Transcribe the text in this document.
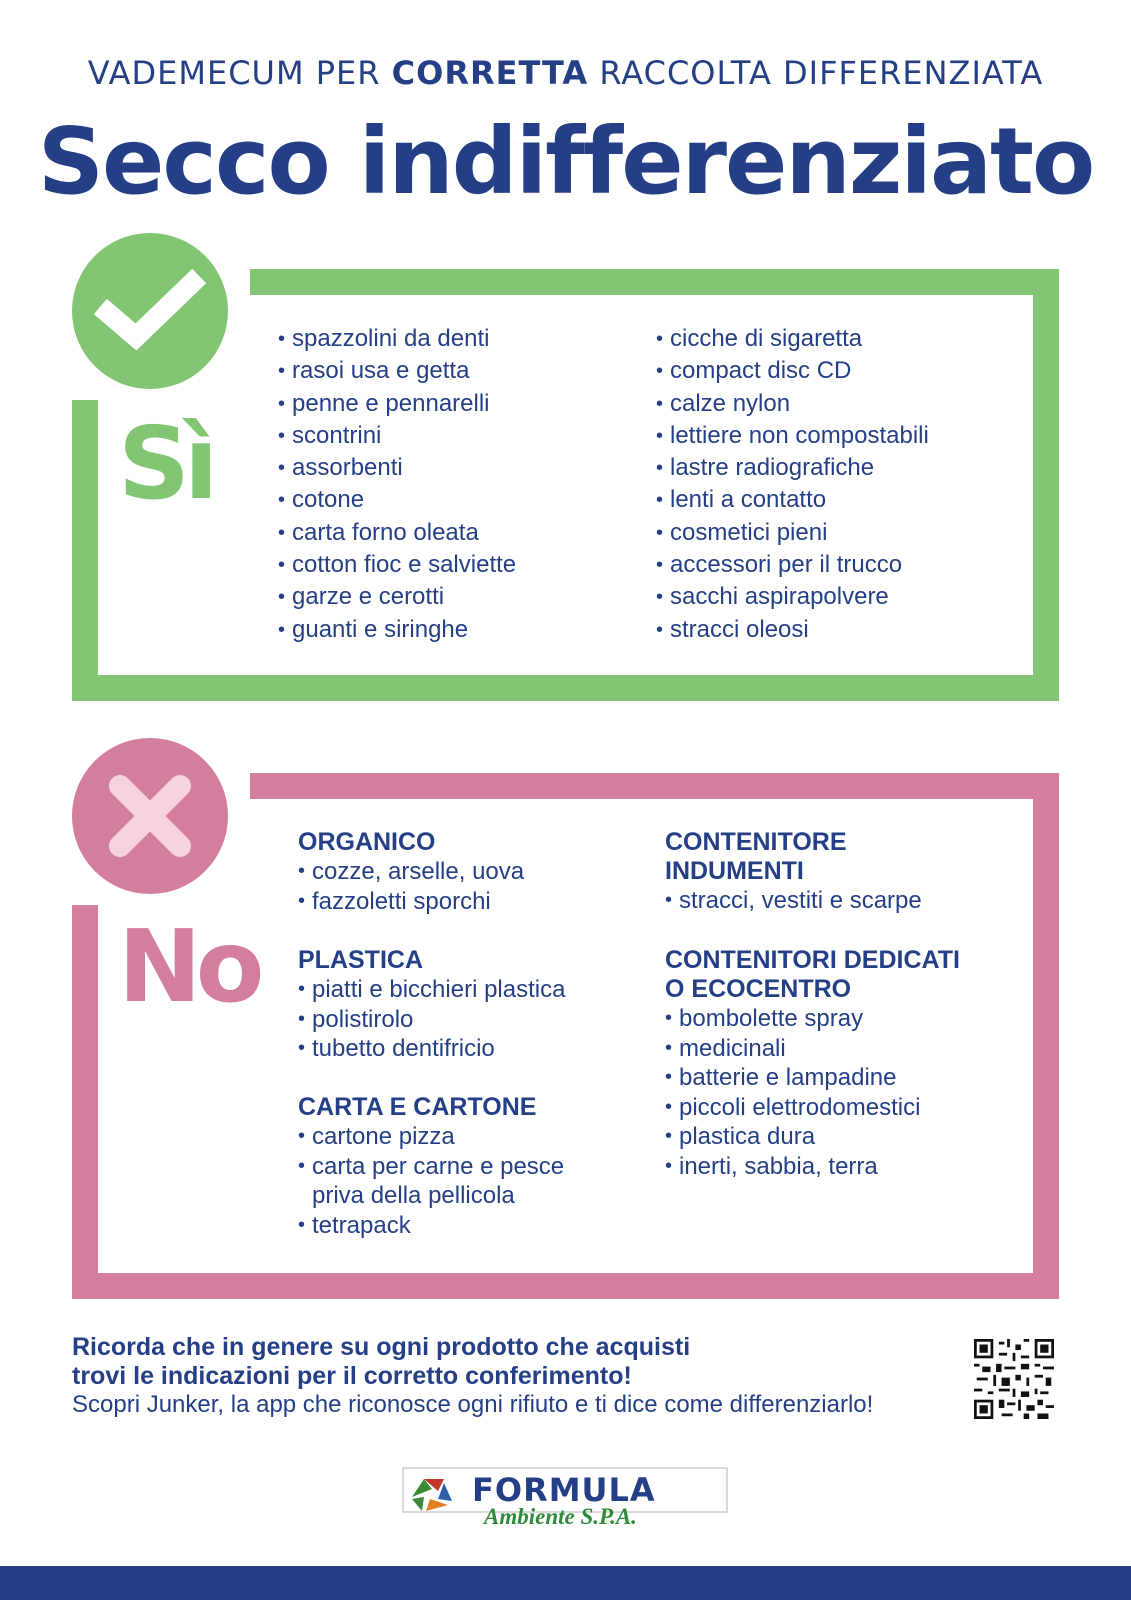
VADEMECUM PER CORRETTA RACCOLTA DIFFERENZIATA
Secco indifferenziato
Sì
• spazzolini da denti
• rasoi usa e getta
• penne e pennarelli
• scontrini
• assorbenti
• cotone
• carta forno oleata
• cotton fioc e salviette
• garze e cerotti
• guanti e siringhe
• cicche di sigaretta
• compact disc CD
• calze nylon
• lettiere non compostabili
• lastre radiografiche
• lenti a contatto
• cosmetici pieni
• accessori per il trucco
• sacchi aspirapolvere
• stracci oleosi
No
ORGANICO
• cozze, arselle, uova
• fazzoletti sporchi
PLASTICA
• piatti e bicchieri plastica
• polistirolo
• tubetto dentifricio
CARTA E CARTONE
• cartone pizza
• carta per carne e pesce
priva della pellicola
• tetrapack
CONTENITORE
INDUMENTI
• stracci, vestiti e scarpe
CONTENITORI DEDICATI
O ECOCENTRO
• bombolette spray
• medicinali
• batterie e lampadine
• piccoli elettrodomestici
• plastica dura
• inerti, sabbia, terra
Ricorda che in genere su ogni prodotto che acquisti
trovi le indicazioni per il corretto conferimento!
Scopri Junker, la app che riconosce ogni rifiuto e ti dice come differenziarlo!
FORMULA
Ambiente S.P.A.
